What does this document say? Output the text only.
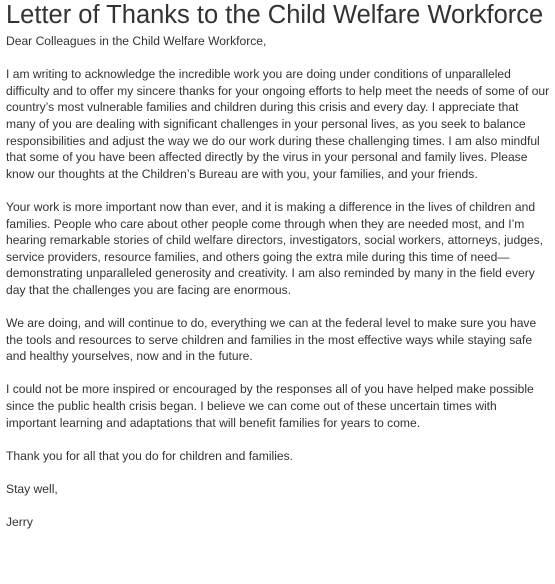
Letter of Thanks to the Child Welfare Workforce

Dear Colleagues in the Child Welfare Workforce,

I am writing to acknowledge the incredible work you are doing under conditions of unparalleled difficulty and to offer my sincere thanks for your ongoing efforts to help meet the needs of some of our country’s most vulnerable families and children during this crisis and every day. I appreciate that many of you are dealing with significant challenges in your personal lives, as you seek to balance responsibilities and adjust the way we do our work during these challenging times. I am also mindful that some of you have been affected directly by the virus in your personal and family lives. Please know our thoughts at the Children’s Bureau are with you, your families, and your friends.

Your work is more important now than ever, and it is making a difference in the lives of children and families. People who care about other people come through when they are needed most, and I’m hearing remarkable stories of child welfare directors, investigators, social workers, attorneys, judges, service providers, resource families, and others going the extra mile during this time of need—demonstrating unparalleled generosity and creativity. I am also reminded by many in the field every day that the challenges you are facing are enormous.

We are doing, and will continue to do, everything we can at the federal level to make sure you have the tools and resources to serve children and families in the most effective ways while staying safe and healthy yourselves, now and in the future.

I could not be more inspired or encouraged by the responses all of you have helped make possible since the public health crisis began. I believe we can come out of these uncertain times with important learning and adaptations that will benefit families for years to come.

Thank you for all that you do for children and families.

Stay well,

Jerry
